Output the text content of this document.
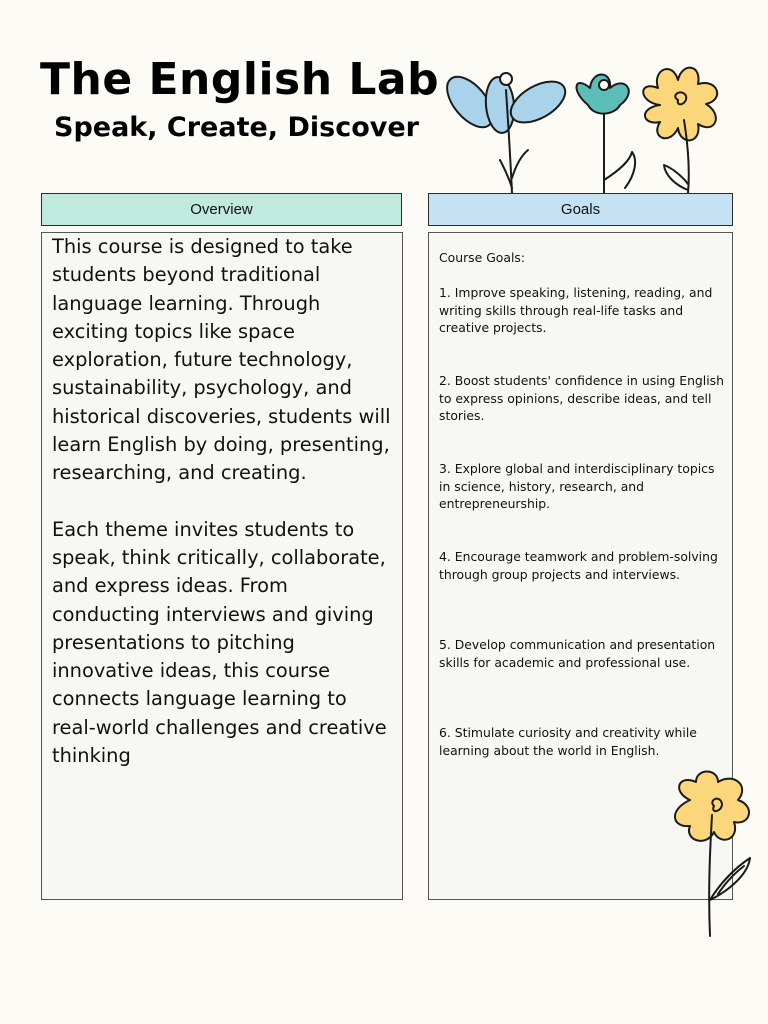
The English Lab
Speak, Create, Discover
Overview	Goals

This course is designed to take students beyond traditional language learning. Through exciting topics like space exploration, future technology, sustainability, psychology, and historical discoveries, students will learn English by doing, presenting, researching, and creating.

Each theme invites students to speak, think critically, collaborate, and express ideas. From conducting interviews and giving presentations to pitching innovative ideas, this course connects language learning to real-world challenges and creative thinking

Course Goals:

1. Improve speaking, listening, reading, and writing skills through real-life tasks and creative projects.

2. Boost students' confidence in using English to express opinions, describe ideas, and tell stories.

3. Explore global and interdisciplinary topics in science, history, research, and entrepreneurship.

4. Encourage teamwork and problem-solving through group projects and interviews.

5. Develop communication and presentation skills for academic and professional use.

6. Stimulate curiosity and creativity while learning about the world in English.
